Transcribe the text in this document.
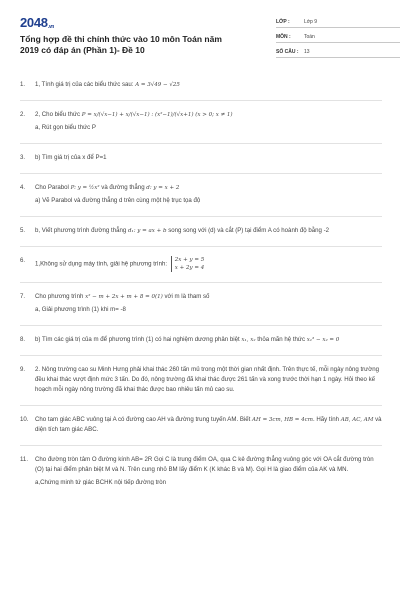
2048.vn
Tổng hợp đề thi chính thức vào 10 môn Toán năm 2019 có đáp án (Phần 1)- Đề 10
LỚP :	Lớp 9
MÔN :	Toán
SỐ CÂU :	13
1.	1, Tính giá trị của các biểu thức sau: A = 3√49 − √25
2.	2, Cho biểu thức P = x/(√x−1) + x/(√x−1) : (x²−1)/(√x+1) (x > 0; x ≠ 1)
a, Rút gọn biểu thức P
3.	b) Tìm giá trị của x để P=1
4.	Cho Parabol P: y = ½x² và đường thẳng d: y = x + 2
a) Vẽ Parabol và đường thẳng d trên cùng một hệ trục tọa độ
5.	b, Viết phương trình đường thẳng d₁: y = ax + b song song với (d) và cắt (P) tại điểm A có hoành độ bằng -2
6.
1,Không sử dụng máy tính, giải hệ phương trình:
2x + y = 5
x + 2y = 4
7.	Cho phương trình x² − m + 2x + m + 8 = 0(1) với m là tham số
a, Giải phương trình (1) khi m= -8
8.	b) Tìm các giá trị của m để phương trình (1) có hai nghiệm dương phân biệt x₁, x₂ thỏa mãn hệ thức x₁³ − x₂ = 0
9.	2. Nông trường cao su Minh Hưng phải khai thác 260 tấn mủ trong một thời gian nhất định. Trên thực tế, mỗi ngày nông trường đều khai thác vượt định mức 3 tấn. Do đó, nông trường đã khai thác được 261 tấn và xong trước thời hạn 1 ngày. Hỏi theo kế hoạch mỗi ngày nông trường đã khai thác được bao nhiêu tấn mủ cao su.
10.	Cho tam giác ABC vuông tại A có đường cao AH và đường trung tuyến AM. Biết AH = 3cm, HB = 4cm. Hãy tính AB, AC, AM và diện tích tam giác ABC.
11.	Cho đường tròn tâm O đường kính AB= 2R Gọi C là trung điểm OA, qua C kẻ đường thẳng vuông góc với OA cắt đường tròn (O) tại hai điểm phân biệt M và N. Trên cung nhỏ BM lấy điểm K (K khác B và M). Gọi H là giao điểm của AK và MN.
a,Chứng minh tứ giác BCHK nội tiếp đường tròn
